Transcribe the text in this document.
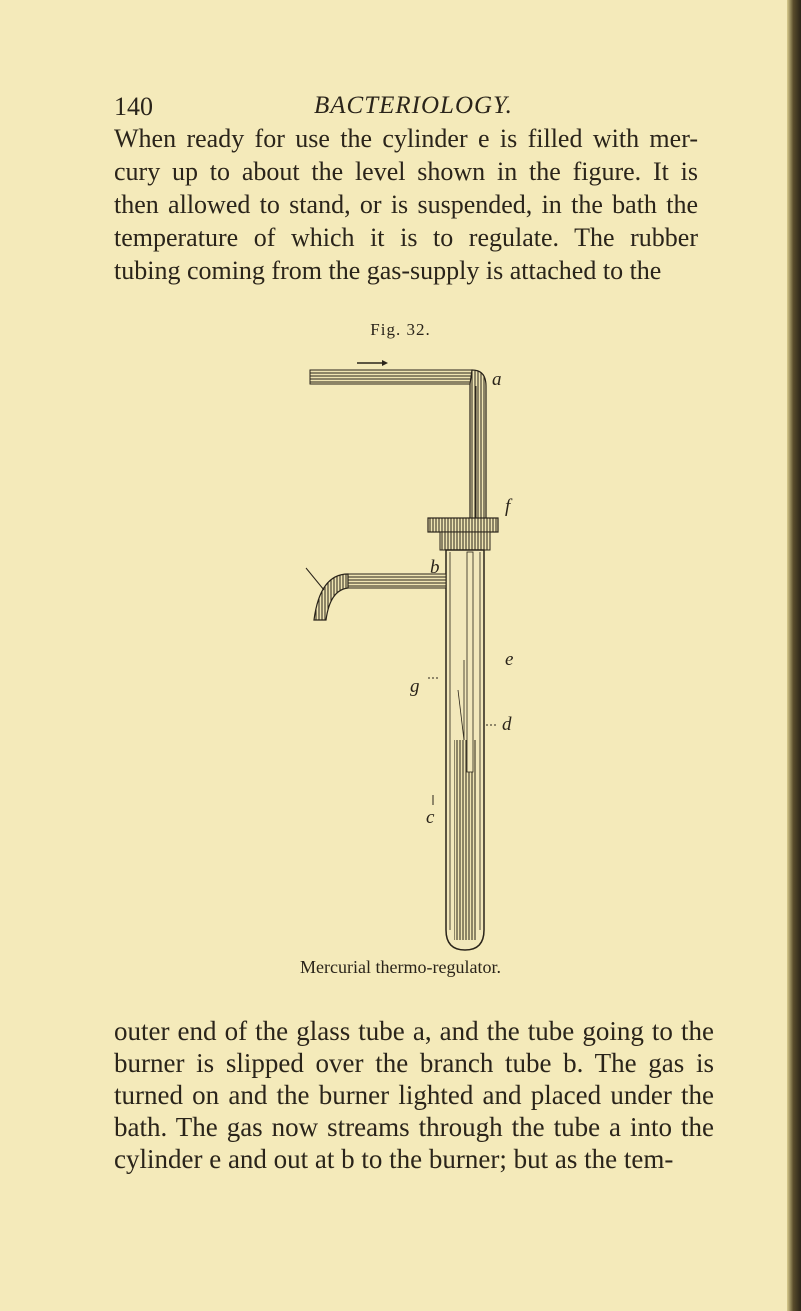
140	BACTERIOLOGY.

When ready for use the cylinder e is filled with mer-
cury up to about the level shown in the figure. It is
then allowed to stand, or is suspended, in the bath the
temperature of which it is to regulate. The rubber
tubing coming from the gas-supply is attached to the

Fig. 32.
a
f
b
g
e
d
c
Mercurial thermo-regulator.

outer end of the glass tube a, and the tube going to the
burner is slipped over the branch tube b. The gas is
turned on and the burner lighted and placed under the
bath. The gas now streams through the tube a into the
cylinder e and out at b to the burner; but as the tem-
